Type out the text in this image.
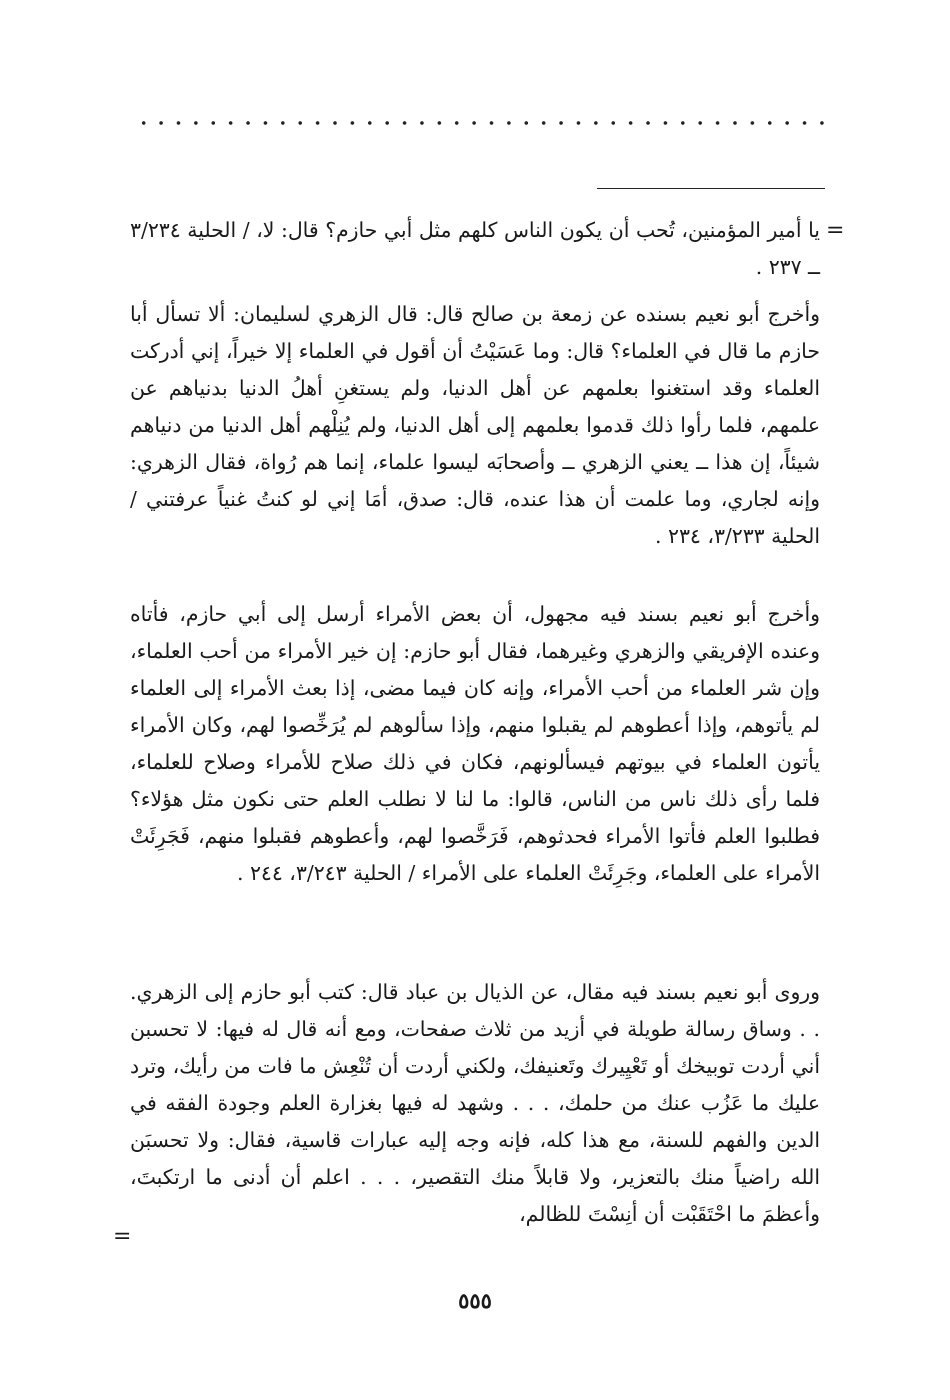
=

يا أمير المؤمنين، تُحب أن يكون الناس كلهم مثل أبي حازم؟ قال: لا، / الحلية ٣/٢٣٤ ــ ٢٣٧ .

وأخرج أبو نعيم بسنده عن زمعة بن صالح قال: قال الزهري لسليمان: ألا تسأل أبا حازم ما قال في العلماء؟ قال: وما عَسَيْتُ أن أقول في العلماء إلا خيراً، إني أدركت العلماء وقد استغنوا بعلمهم عن أهل الدنيا، ولم يستغنِ أهلُ الدنيا بدنياهم عن علمهم، فلما رأوا ذلك قدموا بعلمهم إلى أهل الدنيا، ولم يُنِلْهم أهل الدنيا من دنياهم شيئاً، إن هذا ــ يعني الزهري ــ وأصحابَه ليسوا علماء، إنما هم رُواة، فقال الزهري: وإنه لجاري، وما علمت أن هذا عنده، قال: صدق، أمَا إني لو كنتُ غنياً عرفتني / الحلية ٣/٢٣٣، ٢٣٤ .

وأخرج أبو نعيم بسند فيه مجهول، أن بعض الأمراء أرسل إلى أبي حازم، فأتاه وعنده الإفريقي والزهري وغيرهما، فقال أبو حازم: إن خير الأمراء من أحب العلماء، وإن شر العلماء من أحب الأمراء، وإنه كان فيما مضى، إذا بعث الأمراء إلى العلماء لم يأتوهم، وإذا أعطوهم لم يقبلوا منهم، وإذا سألوهم لم يُرَخِّصوا لهم، وكان الأمراء يأتون العلماء في بيوتهم فيسألونهم، فكان في ذلك صلاح للأمراء وصلاح للعلماء، فلما رأى ذلك ناس من الناس، قالوا: ما لنا لا نطلب العلم حتى نكون مثل هؤلاء؟ فطلبوا العلم فأتوا الأمراء فحدثوهم، فَرَخَّصوا لهم، وأعطوهم فقبلوا منهم، فَجَرِئَتْ الأمراء على العلماء، وجَرِئَتْ العلماء على الأمراء / الحلية ٣/٢٤٣، ٢٤٤ .

وروى أبو نعيم بسند فيه مقال، عن الذيال بن عباد قال: كتب أبو حازم إلى الزهري. . . وساق رسالة طويلة في أزيد من ثلاث صفحات، ومع أنه قال له فيها: لا تحسبن أني أردت توبيخك أو تَعْيِيرك وتَعنيفك، ولكني أردت أن تُنْعِش ما فات من رأيك، وترد عليك ما عَزُب عنك من حلمك، . . . وشهد له فيها بغزارة العلم وجودة الفقه في الدين والفهم للسنة، مع هذا كله، فإنه وجه إليه عبارات قاسية، فقال: ولا تحسبَن الله راضياً منك بالتعزير، ولا قابلاً منك التقصير، . . . اعلم أن أدنى ما ارتكبتَ، وأعظمَ ما احْتَقَبْت أن أنِسْتَ للظالم،

=
٥٥٥
